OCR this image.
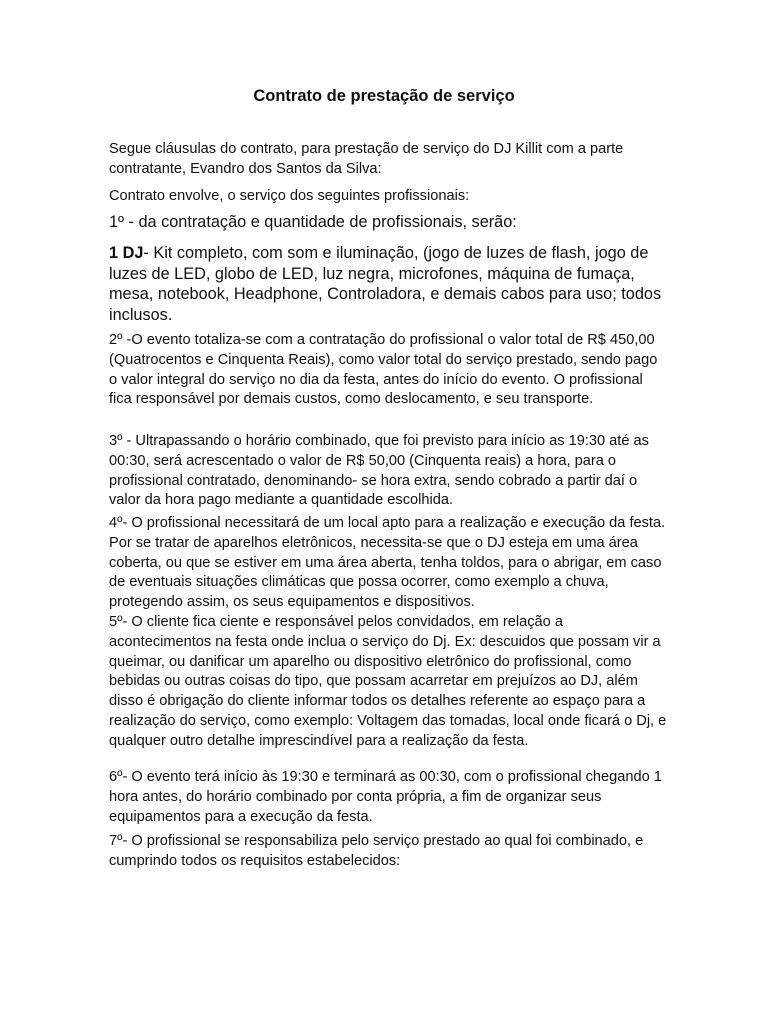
Contrato de prestação de serviço

Segue cláusulas do contrato, para prestação de serviço do DJ Killit com a parte contratante, Evandro dos Santos da Silva:

Contrato envolve, o serviço dos seguintes profissionais:

1º - da contratação e quantidade de profissionais, serão:

1 DJ- Kit completo, com som e iluminação, (jogo de luzes de flash, jogo de luzes de LED, globo de LED, luz negra, microfones, máquina de fumaça, mesa, notebook, Headphone, Controladora, e demais cabos para uso; todos inclusos.

2º -O evento totaliza-se com a contratação do profissional o valor total de R$ 450,00 (Quatrocentos e Cinquenta Reais), como valor total do serviço prestado, sendo pago o valor integral do serviço no dia da festa, antes do início do evento. O profissional fica responsável por demais custos, como deslocamento, e seu transporte.

3º - Ultrapassando o horário combinado, que foi previsto para início as 19:30 até as 00:30, será acrescentado o valor de R$ 50,00 (Cinquenta reais) a hora, para o profissional contratado, denominando- se hora extra, sendo cobrado a partir daí o valor da hora pago mediante a quantidade escolhida.

4º- O profissional necessitará de um local apto para a realização e execução da festa. Por se tratar de aparelhos eletrônicos, necessita-se que o DJ esteja em uma área coberta, ou que se estiver em uma área aberta, tenha toldos, para o abrigar, em caso de eventuais situações climáticas que possa ocorrer, como exemplo a chuva, protegendo assim, os seus equipamentos e dispositivos.

5º- O cliente fica ciente e responsável pelos convidados, em relação a acontecimentos na festa onde inclua o serviço do Dj. Ex: descuidos que possam vir a queimar, ou danificar um aparelho ou dispositivo eletrônico do profissional, como bebidas ou outras coisas do tipo, que possam acarretar em prejuízos ao DJ, além disso é obrigação do cliente informar todos os detalhes referente ao espaço para a realização do serviço, como exemplo: Voltagem das tomadas, local onde ficará o Dj, e qualquer outro detalhe imprescindível para a realização da festa.

6º- O evento terá início às 19:30 e terminará as 00:30, com o profissional chegando 1 hora antes, do horário combinado por conta própria, a fim de organizar seus equipamentos para a execução da festa.

7º- O profissional se responsabiliza pelo serviço prestado ao qual foi combinado, e cumprindo todos os requisitos estabelecidos:
